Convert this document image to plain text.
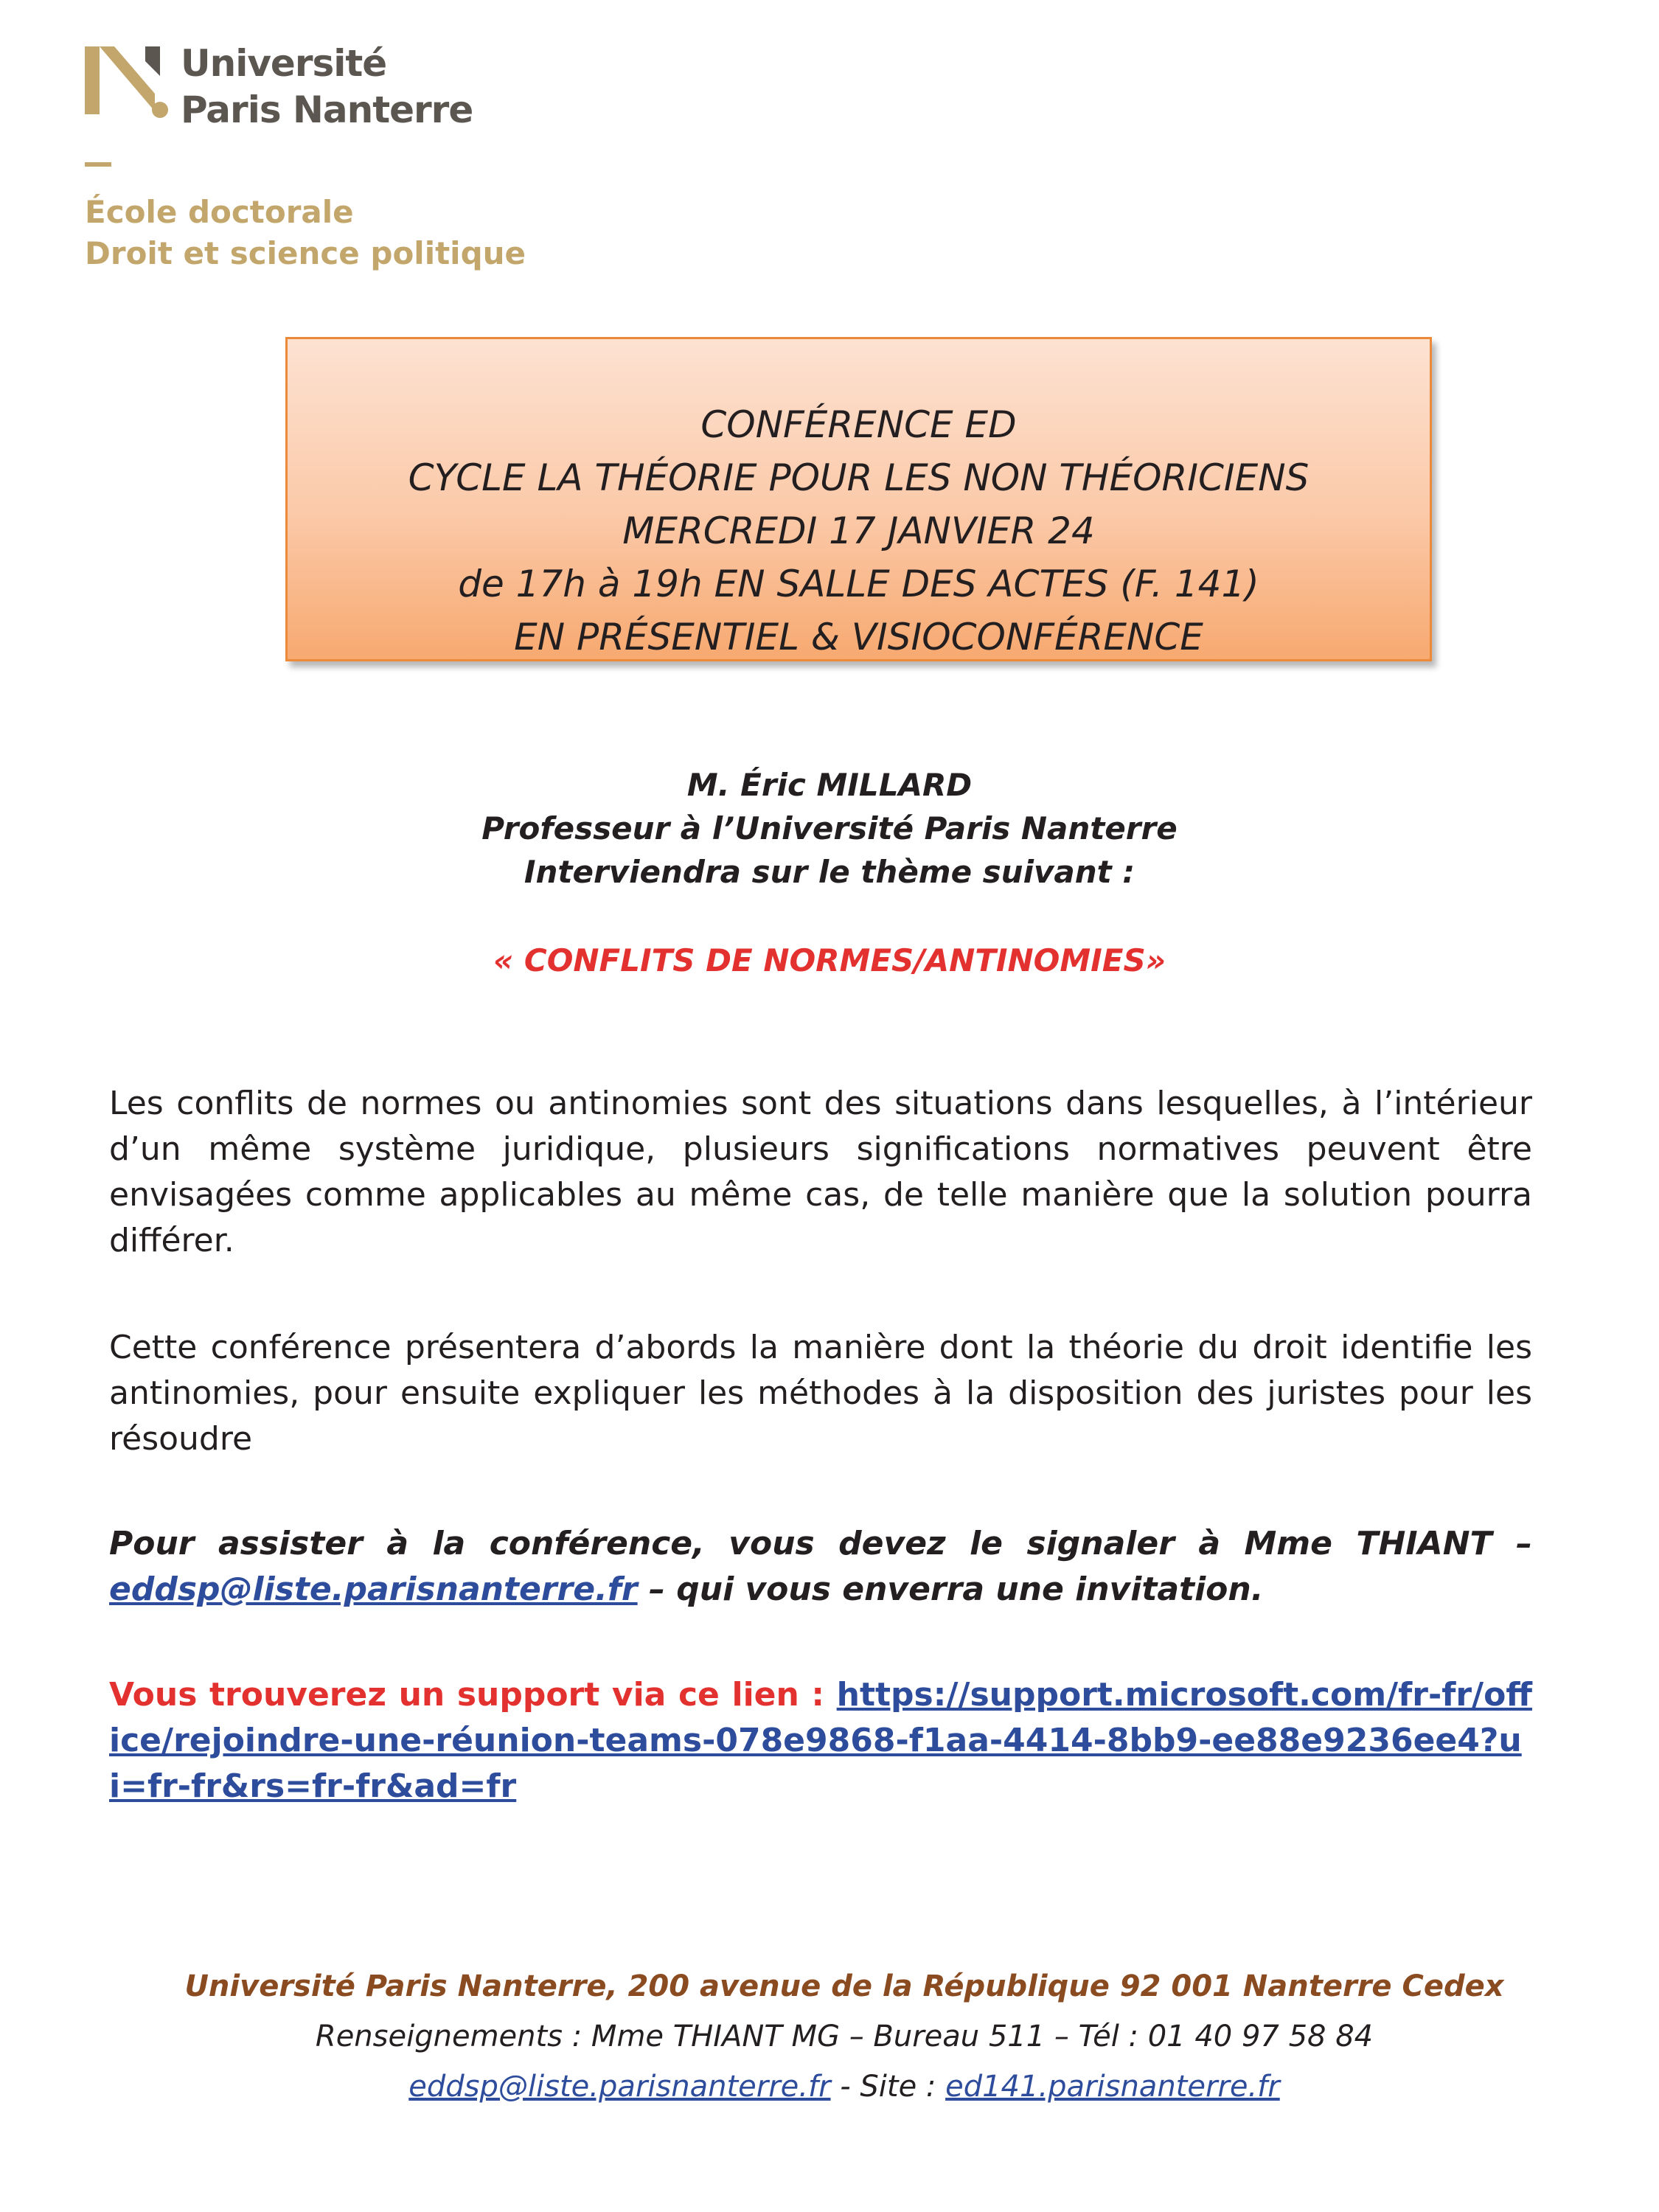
Université
Paris Nanterre
École doctorale
Droit et science politique
CONFÉRENCE ED
CYCLE LA THÉORIE POUR LES NON THÉORICIENS
MERCREDI 17 JANVIER 24
de 17h à 19h EN SALLE DES ACTES (F. 141)
EN PRÉSENTIEL & VISIOCONFÉRENCE
M. Éric MILLARD
Professeur à l’Université Paris Nanterre
Interviendra sur le thème suivant :
« CONFLITS DE NORMES/ANTINOMIES»
Les conflits de normes ou antinomies sont des situations dans lesquelles, à l’intérieur d’un même système juridique, plusieurs significations normatives peuvent être envisagées comme applicables au même cas, de telle manière que la solution pourra différer.
Cette conférence présentera d’abords la manière dont la théorie du droit identifie les antinomies, pour ensuite expliquer les méthodes à la disposition des juristes pour les résoudre
Pour assister à la conférence, vous devez le signaler à Mme THIANT – eddsp@liste.parisnanterre.fr – qui vous enverra une invitation.
Vous trouverez un support via ce lien : https://support.microsoft.com/fr-fr/office/rejoindre-une-réunion-teams-078e9868-f1aa-4414-8bb9-ee88e9236ee4?ui=fr-fr&rs=fr-fr&ad=fr
Université Paris Nanterre, 200 avenue de la République 92 001 Nanterre Cedex
Renseignements : Mme THIANT MG – Bureau 511 – Tél : 01 40 97 58 84
eddsp@liste.parisnanterre.fr - Site : ed141.parisnanterre.fr
